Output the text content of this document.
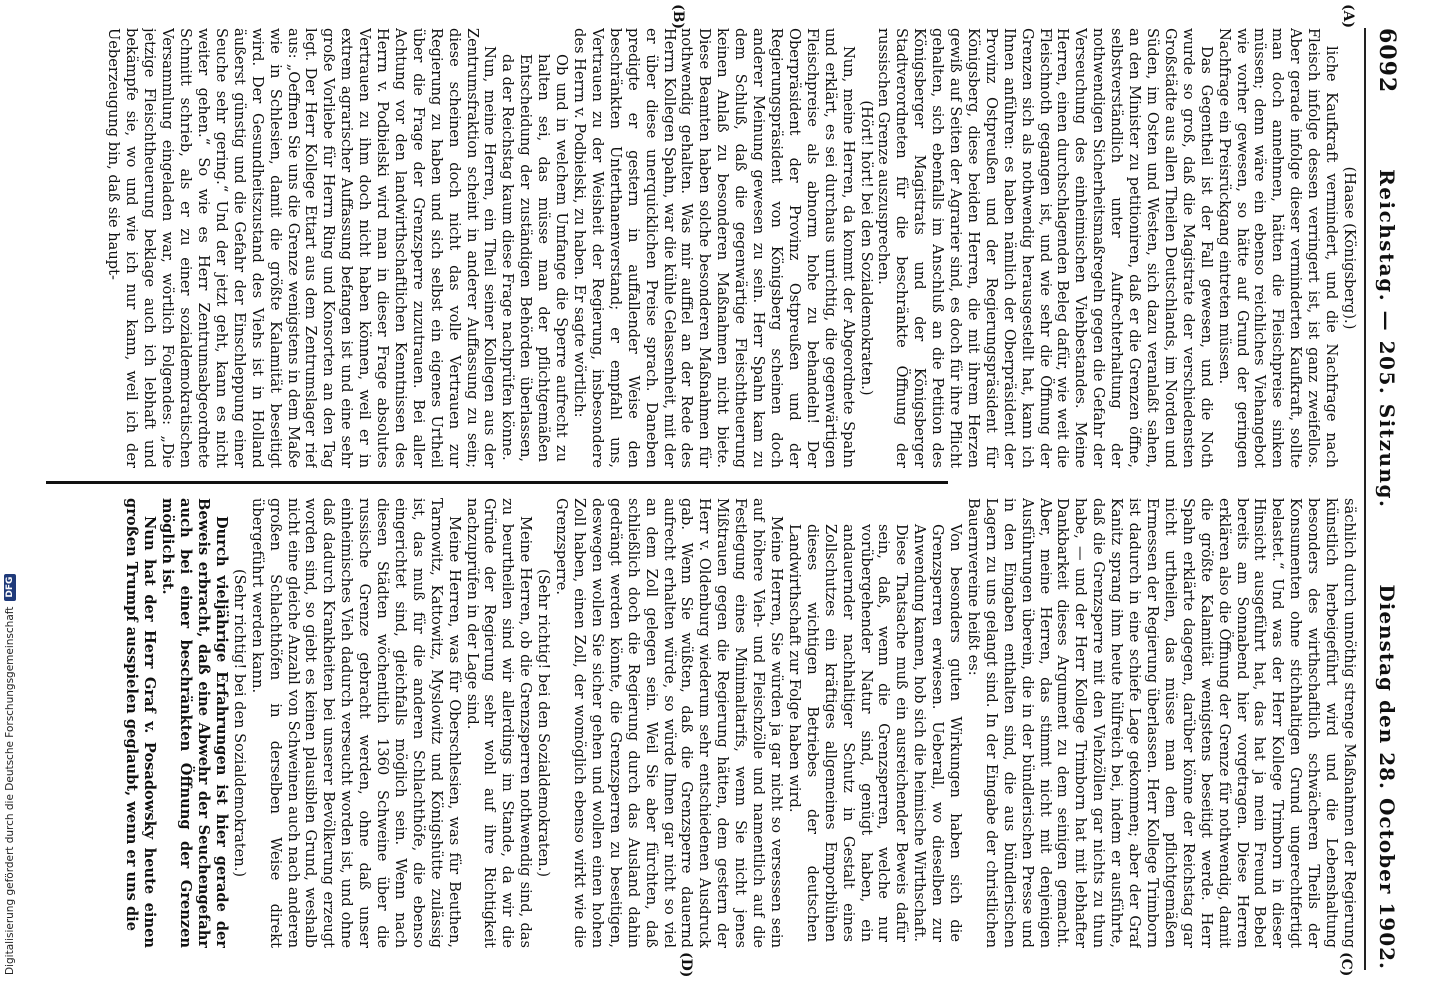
6092
Reichstag. — 205. Sitzung.
Dienstag den 28. October 1902.
(A)
(B)
(C)
(D)

(Haase (Königsberg).)

liche Kaufkraft vermindert, und die Nachfrage nach Fleisch infolge dessen verringert ist, ist ganz zweifellos. Aber gerade infolge dieser verminderten Kaufkraft, sollte man doch annehmen, hätten die Fleischpreise sinken müssen; denn wäre ein ebenso reichliches Viehangebot wie vorher gewesen, so hätte auf Grund der geringen Nachfrage ein Preisrückgang eintreten müssen.

Das Gegentheil ist der Fall gewesen, und die Noth wurde so groß, daß die Magistrate der verschiedensten Großstädte aus allen Theilen Deutschlands, im Norden und Süden, im Osten und Westen, sich dazu veranlaßt sahen, an den Minister zu petitioniren, daß er die Grenzen öffne, selbstverständlich unter Aufrechterhaltung der nothwendigen Sicherheitsmaßregeln gegen die Gefahr der Verseuchung des einheimischen Viehbestandes. Meine Herren, einen durchschlagenden Beleg dafür, wie weit die Fleischnoth gegangen ist, und wie sehr die Öffnung der Grenzen sich als nothwendig herausgestellt hat, kann ich Ihnen anführen: es haben nämlich der Oberpräsident der Provinz Ostpreußen und der Regierungspräsident für Königsberg, diese beiden Herren, die mit ihrem Herzen gewiß auf Seiten der Agrarier sind, es doch für ihre Pflicht gehalten, sich ebenfalls im Anschluß an die Petition des Königsberger Magistrats und der Königsberger Stadtverordneten für die beschränkte Öffnung der russischen Grenze auszusprechen.

(Hört! hört! bei den Sozialdemokraten.)

Nun, meine Herren, da kommt der Abgeordnete Spahn und erklärt, es sei durchaus unrichtig, die gegenwärtigen Fleischpreise als abnorm hohe zu behandeln! Der Oberpräsident der Provinz Ostpreußen und der Regierungspräsident von Königsberg scheinen doch anderer Meinung gewesen zu sein. Herr Spahn kam zu dem Schluß, daß die gegenwärtige Fleischtheuerung keinen Anlaß zu besonderen Maßnahmen nicht biete. Diese Beamten haben solche besonderen Maßnahmen für nothwendig gehalten. Was mir auffiel an der Rede des Herrn Kollegen Spahn, war die kühle Gelassenheit, mit der er über diese unerquicklichen Preise sprach. Daneben predigte er gestern in auffallender Weise den beschränkten Unterthanenverstand; er empfahl uns, Vertrauen zu der Weisheit der Regierung, insbesondere des Herrn v. Podbielski, zu haben. Er sagte wörtlich:

Ob und in welchem Umfange die Sperre aufrecht zu halten sei, das müsse man der pflichtgemäßen Entscheidung der zuständigen Behörden überlassen, da der Reichstag kaum diese Frage nachprüfen könne.

Nun, meine Herren, ein Theil seiner Kollegen aus der Zentrumsfraktion scheint in anderer Auffassung zu sein; diese scheinen doch nicht das volle Vertrauen zur Regierung zu haben und sich selbst ein eigenes Urtheil über die Frage der Grenzsperre zuzutrauen. Bei aller Achtung vor den landwirthschaftlichen Kenntnissen des Herrn v. Podbielski wird man in dieser Frage absolutes Vertrauen zu ihm doch nicht haben können, weil er in extrem agrarischer Auffassung befangen ist und eine sehr große Vorliebe für Herrn Ring und Konsorten an den Tag legt. Der Herr Kollege Ettart aus dem Zentrumslager rief aus: „Oeffnen Sie uns die Grenze wenigstens in dem Maße wie in Schlesien, damit die größte Kalamität beseitigt wird. Der Gesundheitszustand des Viehs ist in Holland äußerst günstig und die Gefahr der Einschleppung einer Seuche sehr gering.“ Und der jetzt geht, kann es nicht weiter gehen.“ So wie es Herr Zentrumsabgeordnete Schmitt schrieb, als er zu einer sozialdemokratischen Versammlung eingeladen war, wörtlich Folgendes: „Die jetzige Fleischtheuerung beklage auch ich lebhaft und bekämpfe sie, wo und wie ich nur kann, weil ich der Ueberzeugung bin, daß sie haupt-

sächlich durch unnöthig strenge Maßnahmen der Regierung künstlich herbeigeführt wird und die Lebenshaltung besonders des wirthschaftlich schwächeren Theils der Konsumenten ohne stichhaltigen Grund ungerechtfertigt belastet.“ Und was der Herr Kollege Trimborn in dieser Hinsicht ausgeführt hat, das hat ja mein Freund Bebel bereits am Sonnabend hier vorgetragen. Diese Herren erklären also die Öffnung der Grenze für nothwendig, damit die größte Kalamität wenigstens beseitigt werde. Herr Spahn erklärte dagegen, darüber könne der Reichstag gar nicht urtheilen, das müsse man dem pflichtgemäßen Ermessen der Regierung überlassen. Herr Kollege Trimborn ist dadurch in eine schiefe Lage gekommen; aber der Graf Kanitz sprang ihm heute hülfreich bei, indem er ausführte, daß die Grenzsperre mit den Viehzöllen gar nichts zu thun habe, — und der Herr Kollege Trimborn hat mit lebhafter Dankbarkeit dieses Argument zu dem seinigen gemacht. Aber, meine Herren, das stimmt nicht mit denjenigen Ausführungen überein, die in der bündlerischen Presse und in den Eingaben enthalten sind, die aus bündlerischen Lagern zu uns gelangt sind. In der Eingabe der christlichen Bauernvereine heißt es:

Von besonders guten Wirkungen haben sich die Grenzsperren erwiesen. Ueberall, wo dieselben zur Anwendung kamen, hob sich die heimische Wirthschaft. Diese Thatsache muß ein ausreichender Beweis dafür sein, daß, wenn die Grenzsperren, welche nur vorübergehender Natur sind, genügt haben, ein andauernder nachhaltiger Schutz in Gestalt eines Zollschutzes ein kräftiges allgemeines Emporblühen dieses wichtigen Betriebes der deutschen Landwirthschaft zur Folge haben wird.

Meine Herren, Sie würden ja gar nicht so versessen sein auf höhere Vieh- und Fleischzölle und namentlich auf die Festlegung eines Minimaltarifs, wenn Sie nicht jenes Mißtrauen gegen die Regierung hätten, dem gestern der Herr v. Oldenburg wiederum sehr entschiedenen Ausdruck gab. Wenn Sie wüßten, daß die Grenzsperre dauernd aufrecht erhalten würde, so würde Ihnen gar nicht so viel an dem Zoll gelegen sein. Weil Sie aber fürchten, daß schließlich doch die Regierung durch das Ausland dahin gedrängt werden könnte, die Grenzsperren zu beseitigen, deswegen wollen Sie sicher gehen und wollen einen hohen Zoll haben, einen Zoll, der womöglich ebenso wirkt wie die Grenzsperre.

(Sehr richtig! bei den Sozialdemokraten.)

Meine Herren, ob die Grenzsperren nothwendig sind, das zu beurtheilen sind wir allerdings im Stande, da wir die Gründe der Regierung sehr wohl auf ihre Richtigkeit nachzuprüfen in der Lage sind.

Meine Herren, was für Oberschlesien, was für Beuthen, Tarnowitz, Kattowitz, Myslowitz und Königshütte zulässig ist, das muß für die anderen Schlachthöfe, die ebenso eingerichtet sind, gleichfalls möglich sein. Wenn nach diesen Städten wöchentlich 1360 Schweine über die russische Grenze gebracht werden, ohne daß unser einheimisches Vieh dadurch verseucht worden ist, und ohne daß dadurch Krankheiten bei unserer Bevölkerung erzeugt worden sind, so giebt es keinen plausiblen Grund, weshalb nicht eine gleiche Anzahl von Schweinen auch nach anderen großen Schlachthöfen in derselben Weise direkt übergeführt werden kann.

(Sehr richtig! bei den Sozialdemokraten.)

Durch vieljährige Erfahrungen ist hier gerade der Beweis erbracht, daß eine Abwehr der Seuchengefahr auch bei einer beschränkten Öffnung der Grenzen möglich ist.

Nun hat der Herr Graf v. Posadowsky heute einen großen Trumpf ausspielen geglaubt, wenn er uns die

Digitalisierung gefördert durch die Deutsche Forschungsgemeinschaft
DFG
